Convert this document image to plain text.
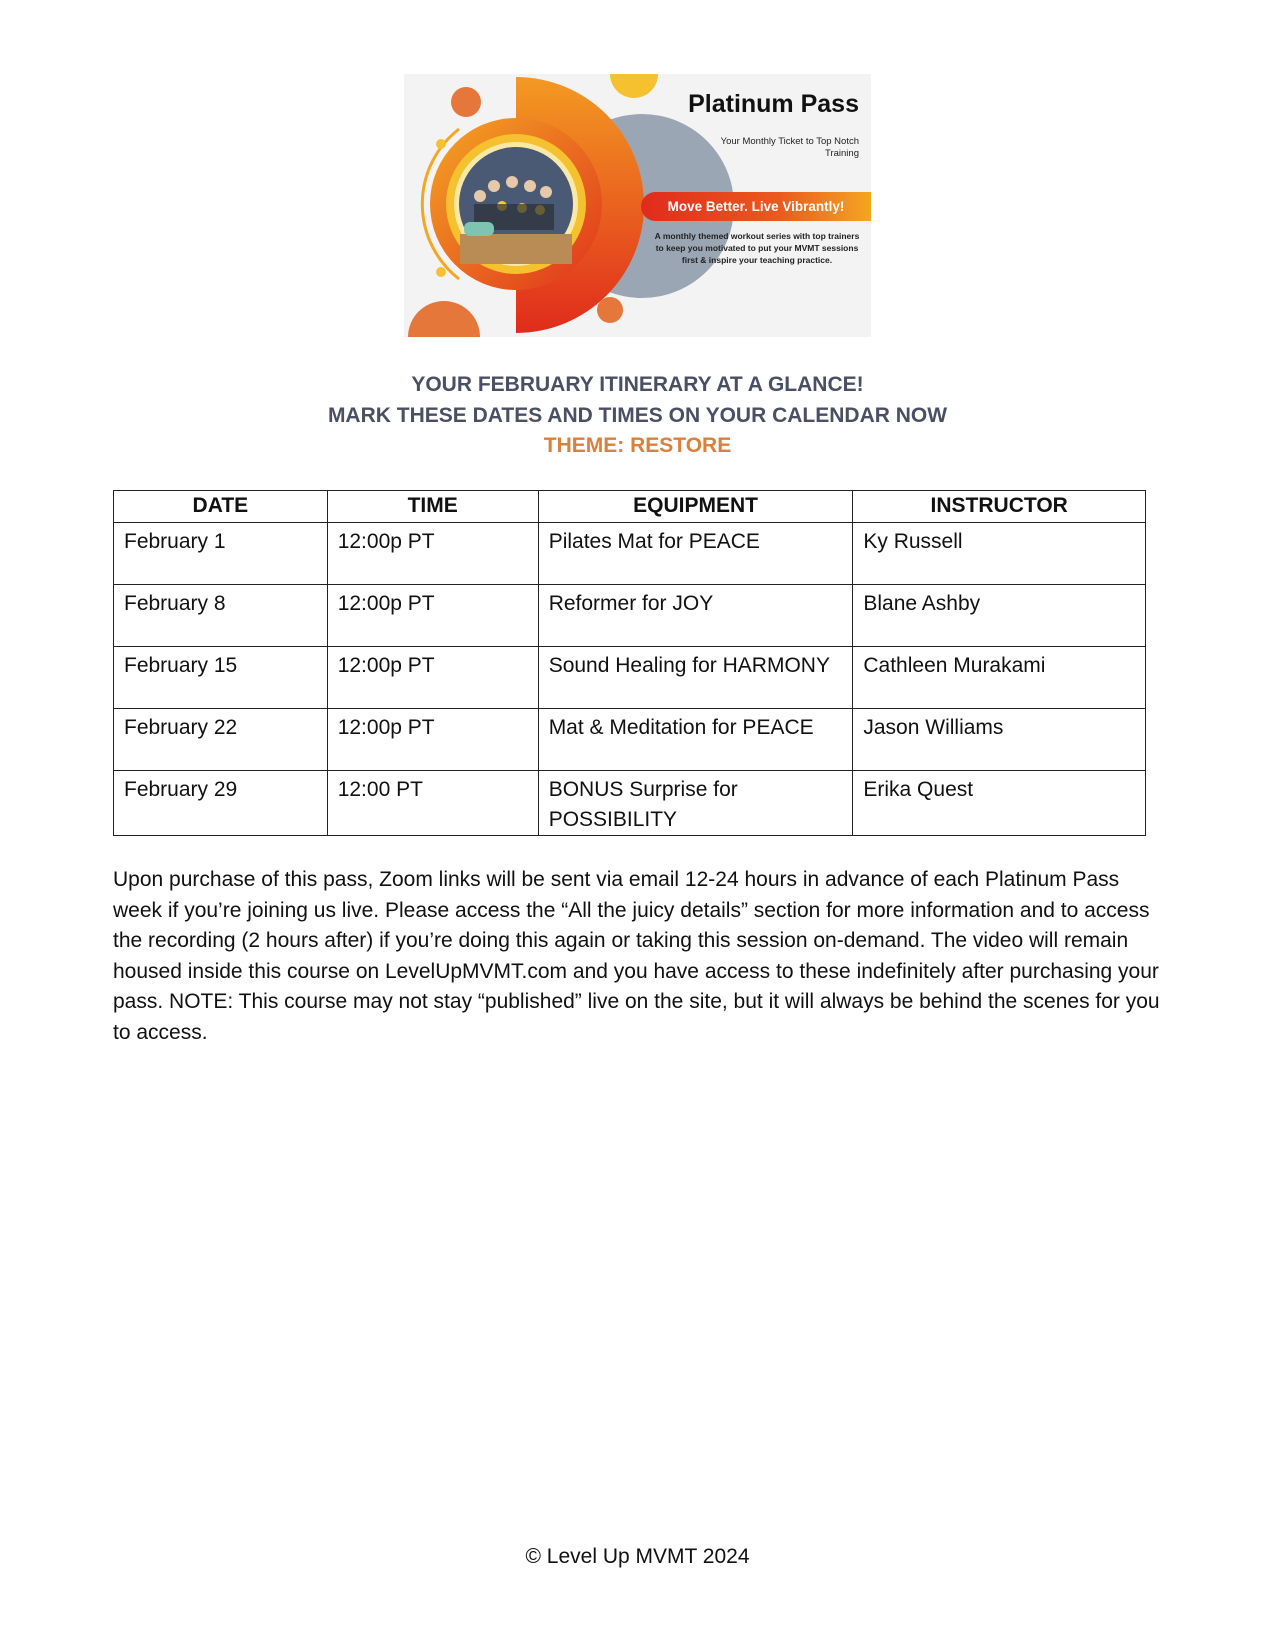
Platinum Pass
Your Monthly Ticket to Top Notch Training
Move Better. Live Vibrantly!
A monthly themed workout series with top trainers to keep you motivated to put your MVMT sessions first & inspire your teaching practice.
YOUR FEBRUARY ITINERARY AT A GLANCE!
MARK THESE DATES AND TIMES ON YOUR CALENDAR NOW
THEME: RESTORE
DATE	TIME	EQUIPMENT	INSTRUCTOR
February 1	12:00p PT	Pilates Mat for PEACE	Ky Russell
February 8	12:00p PT	Reformer for JOY	Blane Ashby
February 15	12:00p PT	Sound Healing for HARMONY	Cathleen Murakami
February 22	12:00p PT	Mat & Meditation for PEACE	Jason Williams
February 29	12:00 PT	BONUS Surprise for POSSIBILITY	Erika Quest
Upon purchase of this pass, Zoom links will be sent via email 12-24 hours in advance of each Platinum Pass week if you’re joining us live. Please access the “All the juicy details” section for more information and to access the recording (2 hours after) if you’re doing this again or taking this session on-demand. The video will remain housed inside this course on LevelUpMVMT.com and you have access to these indefinitely after purchasing your pass. NOTE: This course may not stay “published” live on the site, but it will always be behind the scenes for you to access.
© Level Up MVMT 2024
